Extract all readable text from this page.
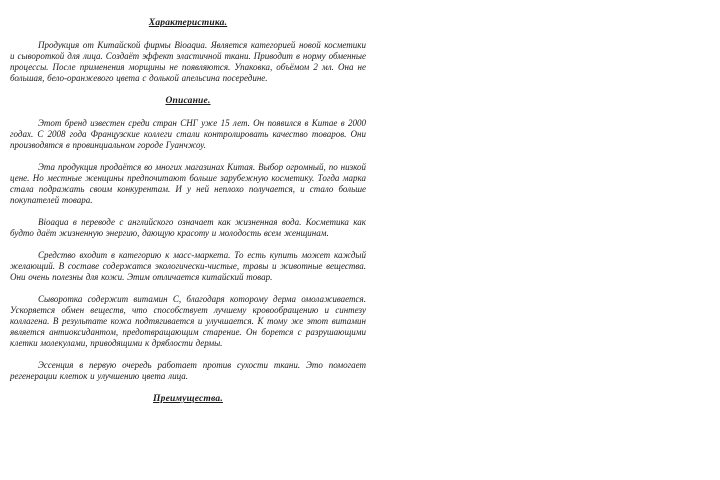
Характеристика.

Продукция от Китайской фирмы Bioaqua. Является категорией новой косметики и сывороткой для лица. Создаёт эффект эластичной ткани. Приводит в норму обменные процессы. После применения морщины не появляются. Упаковка, объёмом 2 мл. Она не большая, бело-оранжевого цвета с долькой апельсина посередине.

Описание.

Этот бренд известен среди стран СНГ уже 15 лет. Он появился в Китае в 2000 годах. С 2008 года Французские коллеги стали контролировать качество товаров. Они производятся в провинциальном городе Гуанчжоу.

Эта продукция продаётся во многих магазинах Китая. Выбор огромный, по низкой цене. Но местные женщины предпочитают больше зарубежную косметику. Тогда марка стала подражать своим конкурентам. И у ней неплохо получается, и стало больше покупателей товара.

Bioaqua в переводе с английского означает как жизненная вода. Косметика как будто даёт жизненную энергию, дающую красоту и молодость всем женщинам.

Средство входит в категорию к масс-маркета. То есть купить может каждый желающий. В составе содержатся экологически-чистые, травы и животные вещества. Они очень полезны для кожи. Этим отличается китайский товар.

Сыворотка содержит витамин С, благодаря которому дерма омолаживается. Ускоряется обмен веществ, что способствует лучшему кровообращению и синтезу коллагена. В результате кожа подтягивается и улучшается. К тому же этот витамин является антиоксидантом, предотвращающим старение. Он борется с разрушающими клетки молекулами, приводящими к дряблости дермы.

Эссенция в первую очередь работает против сухости ткани. Это помогает регенерации клеток и улучшению цвета лица.

Преимущества.
